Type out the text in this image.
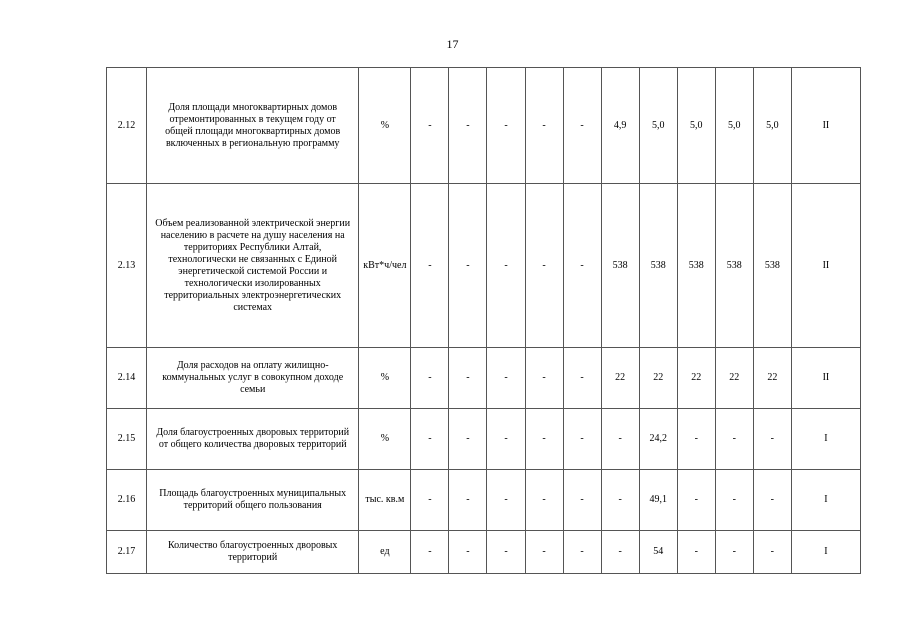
17
2.12	Доля площади многоквартирных домов отремонтированных в текущем году от общей площади многоквартирных домов включенных в региональную программу	%	-	-	-	-	-	4,9	5,0	5,0	5,0	5,0	II
2.13	Объем реализованной электрической энергии населению в расчете на душу населения на территориях Республики Алтай, технологически не связанных с Единой энергетической системой России и технологически изолированных территориальных электроэнергетических системах	кВт*ч/чел	-	-	-	-	-	538	538	538	538	538	II
2.14	Доля расходов на оплату жилищно-коммунальных услуг в совокупном доходе семьи	%	-	-	-	-	-	22	22	22	22	22	II
2.15	Доля благоустроенных дворовых территорий от общего количества дворовых территорий	%	-	-	-	-	-	-	24,2	-	-	-	I
2.16	Площадь благоустроенных муниципальных территорий общего пользования	тыс. кв.м	-	-	-	-	-	-	49,1	-	-	-	I
2.17	Количество благоустроенных дворовых территорий	ед	-	-	-	-	-	-	54	-	-	-	I
